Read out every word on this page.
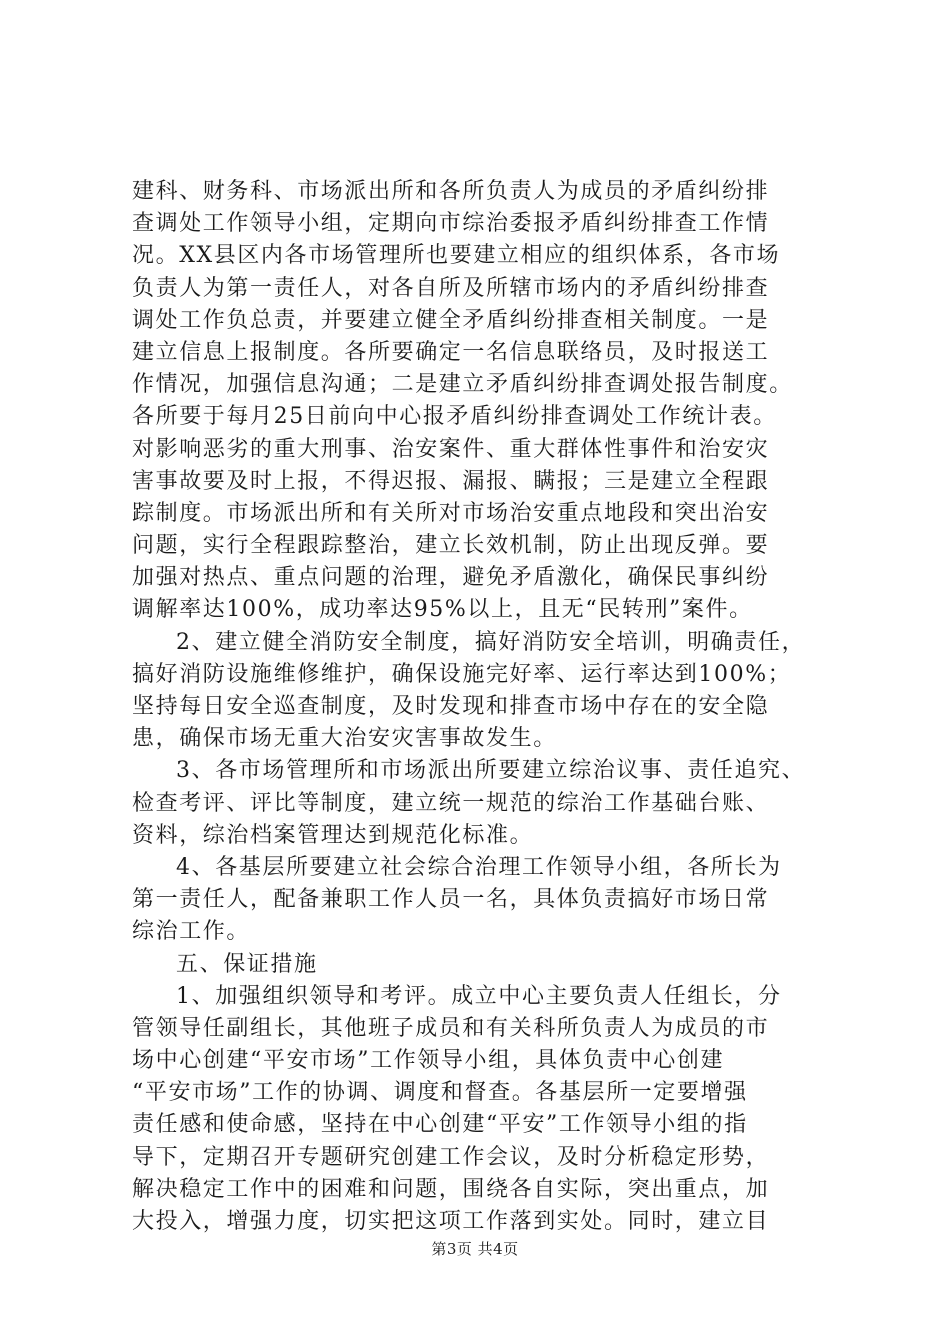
建科、财务科、市场派出所和各所负责人为成员的矛盾纠纷排
查调处工作领导小组，定期向市综治委报矛盾纠纷排查工作情
况。XX县区内各市场管理所也要建立相应的组织体系，各市场
负责人为第一责任人，对各自所及所辖市场内的矛盾纠纷排查
调处工作负总责，并要建立健全矛盾纠纷排查相关制度。一是
建立信息上报制度。各所要确定一名信息联络员，及时报送工
作情况，加强信息沟通；二是建立矛盾纠纷排查调处报告制度。
各所要于每月25日前向中心报矛盾纠纷排查调处工作统计表。
对影响恶劣的重大刑事、治安案件、重大群体性事件和治安灾
害事故要及时上报，不得迟报、漏报、瞒报；三是建立全程跟
踪制度。市场派出所和有关所对市场治安重点地段和突出治安
问题，实行全程跟踪整治，建立长效机制，防止出现反弹。要
加强对热点、重点问题的治理，避免矛盾激化，确保民事纠纷
调解率达100%，成功率达95%以上，且无“民转刑”案件。
2、建立健全消防安全制度，搞好消防安全培训，明确责任，
搞好消防设施维修维护，确保设施完好率、运行率达到100%；
坚持每日安全巡查制度，及时发现和排查市场中存在的安全隐
患，确保市场无重大治安灾害事故发生。
3、各市场管理所和市场派出所要建立综治议事、责任追究、
检查考评、评比等制度，建立统一规范的综治工作基础台账、
资料，综治档案管理达到规范化标准。
4、各基层所要建立社会综合治理工作领导小组，各所长为
第一责任人，配备兼职工作人员一名，具体负责搞好市场日常
综治工作。
五、保证措施
1、加强组织领导和考评。成立中心主要负责人任组长，分
管领导任副组长，其他班子成员和有关科所负责人为成员的市
场中心创建“平安市场”工作领导小组，具体负责中心创建
“平安市场”工作的协调、调度和督查。各基层所一定要增强
责任感和使命感，坚持在中心创建“平安”工作领导小组的指
导下，定期召开专题研究创建工作会议，及时分析稳定形势，
解决稳定工作中的困难和问题，围绕各自实际，突出重点，加
大投入，增强力度，切实把这项工作落到实处。同时，建立目
第3页 共4页
